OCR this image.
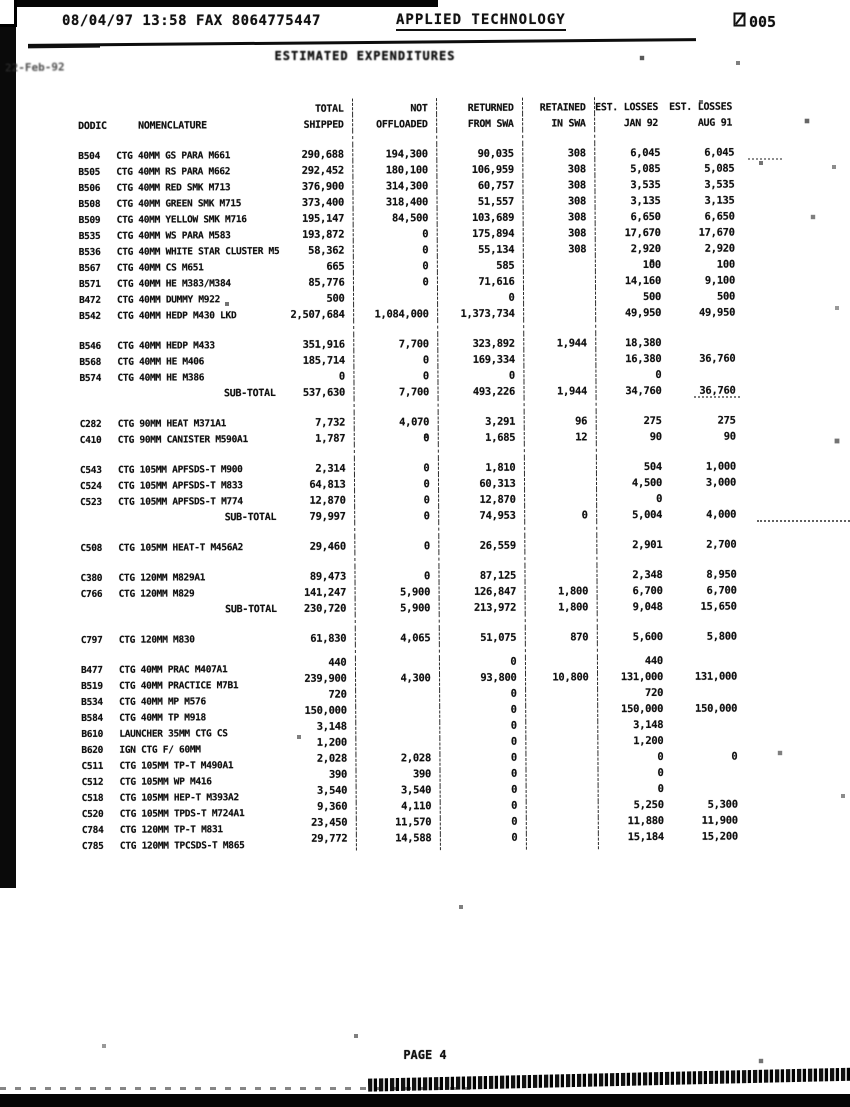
08/04/97 13:58 FAX 8064775447	APPLIED TECHNOLOGY	005
22-Feb-92
ESTIMATED EXPENDITURES
	TOTAL	NOT	RETURNED	RETAINED	EST. LOSSES	EST. LOSSES

DODIC NOMENCLATURE	SHIPPED	OFFLOADED	FROM SWA	IN SWA	JAN 92	AUG 91

B504 CTG 40MM GS PARA M661	290,688	194,300	90,035	308	6,045	6,045
B505 CTG 40MM RS PARA M662	292,452	180,100	106,959	308	5,085	5,085
B506 CTG 40MM RED SMK M713	376,900	314,300	60,757	308	3,535	3,535
B508 CTG 40MM GREEN SMK M715	373,400	318,400	51,557	308	3,135	3,135
B509 CTG 40MM YELLOW SMK M716	195,147	84,500	103,689	308	6,650	6,650
B535 CTG 40MM WS PARA M583	193,872	0	175,894	308	17,670	17,670
B536 CTG 40MM WHITE STAR CLUSTER M5	58,362	0	55,134	308	2,920	2,920
B567 CTG 40MM CS M651	665	0	585		100	100
B571 CTG 40MM HE M383/M384	85,776	0	71,616		14,160	9,100
B472 CTG 40MM DUMMY M922	500		0		500	500
B542 CTG 40MM HEDP M430 LKD	2,507,684	1,084,000	1,373,734		49,950	49,950

B546 CTG 40MM HEDP M433	351,916	7,700	323,892	1,944	18,380	
B568 CTG 40MM HE M406	185,714	0	169,334		16,380	36,760
B574 CTG 40MM HE M386	0	0	0		0	
SUB-TOTAL	537,630	7,700	493,226	1,944	34,760	36,760

C282 CTG 90MM HEAT M371A1	7,732	4,070	3,291	96	275	275
C410 CTG 90MM CANISTER M590A1	1,787	0	1,685	12	90	90

C543 CTG 105MM APFSDS-T M900	2,314	0	1,810		504	1,000
C524 CTG 105MM APFSDS-T M833	64,813	0	60,313		4,500	3,000
C523 CTG 105MM APFSDS-T M774	12,870	0	12,870		0	
SUB-TOTAL	79,997	0	74,953	0	5,004	4,000

C508 CTG 105MM HEAT-T M456A2	29,460	0	26,559		2,901	2,700

C380 CTG 120MM M829A1	89,473	0	87,125		2,348	8,950
C766 CTG 120MM M829	141,247	5,900	126,847	1,800	6,700	6,700
SUB-TOTAL	230,720	5,900	213,972	1,800	9,048	15,650

C797 CTG 120MM M830	61,830	4,065	51,075	870	5,600	5,800

B477 CTG 40MM PRAC M407A1	440		0		440	
B519 CTG 40MM PRACTICE M7B1	239,900	4,300	93,800	10,800	131,000	131,000
B534 CTG 40MM MP M576	720		0		720	
B584 CTG 40MM TP M918	150,000		0		150,000	150,000
B610 LAUNCHER 35MM CTG CS	3,148		0		3,148	
B620 IGN CTG F/ 60MM	1,200		0		1,200	
C511 CTG 105MM TP-T M490A1	2,028	2,028	0		0	0
C512 CTG 105MM WP M416	390	390	0		0	
C518 CTG 105MM HEP-T M393A2	3,540	3,540	0		0	
C520 CTG 105MM TPDS-T M724A1	9,360	4,110	0		5,250	5,300
C784 CTG 120MM TP-T M831	23,450	11,570	0		11,880	11,900
C785 CTG 120MM TPCSDS-T M865	29,772	14,588	0		15,184	15,200
PAGE 4
